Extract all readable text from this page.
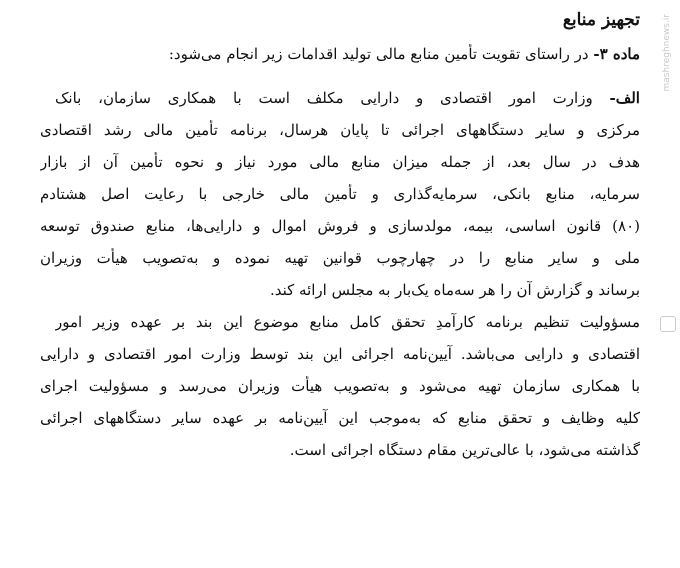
تجهیز منابع
ماده ۳- در راستای تقویت تأمین منابع مالی تولید اقدامات زیر انجام می‌شود:
الف- وزارت امور اقتصادی و دارایی مکلف است با همکاری سازمان، بانک
مرکزی و سایر دستگاههای اجرائی تا پایان هرسال، برنامه تأمین مالی رشد اقتصادی
هدف در سال بعد، از جمله میزان منابع مالی مورد نیاز و نحوه تأمین آن از بازار
سرمایه، منابع بانکی، سرمایه‌گذاری و تأمین مالی خارجی با رعایت اصل هشتادم
(۸۰) قانون اساسی، بیمه، مولدسازی و فروش اموال و دارایی‌ها، منابع صندوق توسعه
ملی و سایر منابع را در چهارچوب قوانین تهیه نموده و به‌تصویب هیأت وزیران
برساند و گزارش آن را هر سه‌ماه یک‌بار به مجلس ارائه کند.
مسؤولیت تنظیم برنامه کارآمدِ تحقق کامل منابع موضوع این بند بر عهده وزیر امور
اقتصادی و دارایی می‌باشد. آیین‌نامه اجرائی این بند توسط وزارت امور اقتصادی و دارایی
با همکاری سازمان تهیه می‌شود و به‌تصویب هیأت وزیران می‌رسد و مسؤولیت اجرای
کلیه وظایف و تحقق منابع که به‌موجب این آیین‌نامه بر عهده سایر دستگاههای اجرائی
گذاشته می‌شود، با عالی‌ترین مقام دستگاه اجرائی است.
mashreghnews.ir
